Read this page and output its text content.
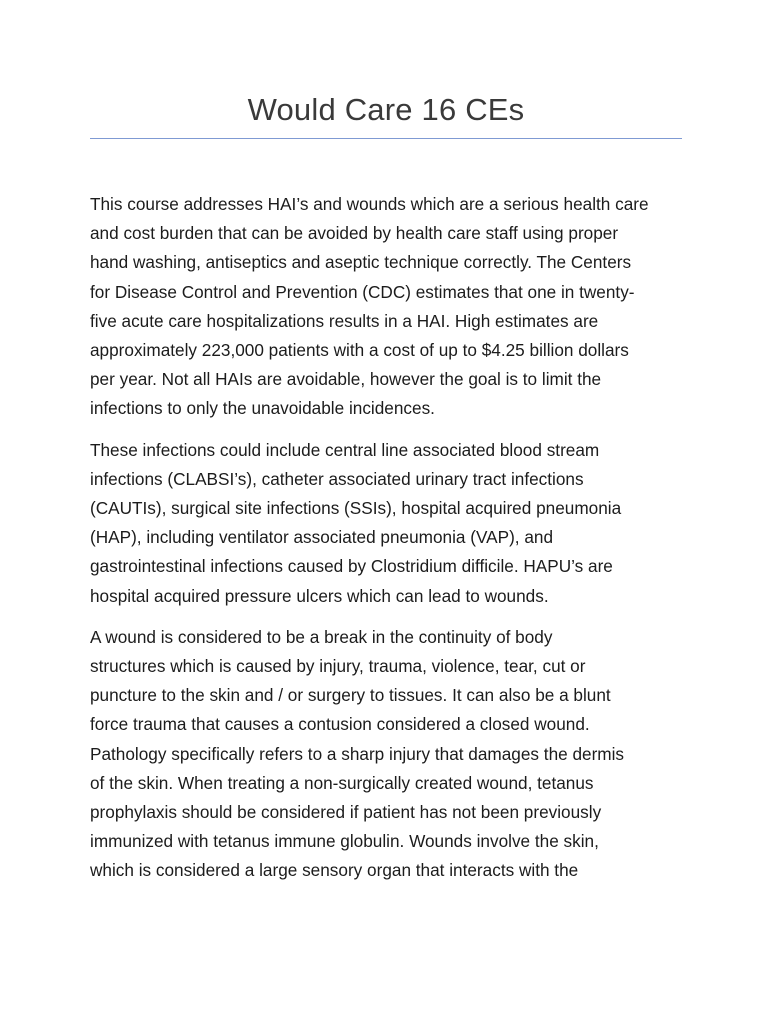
Would Care 16 CEs

This course addresses HAI’s and wounds which are a serious health care
and cost burden that can be avoided by health care staff using proper
hand washing, antiseptics and aseptic technique correctly. The Centers
for Disease Control and Prevention (CDC) estimates that one in twenty-
five acute care hospitalizations results in a HAI. High estimates are
approximately 223,000 patients with a cost of up to $4.25 billion dollars
per year. Not all HAIs are avoidable, however the goal is to limit the
infections to only the unavoidable incidences.

These infections could include central line associated blood stream
infections (CLABSI’s), catheter associated urinary tract infections
(CAUTIs), surgical site infections (SSIs), hospital acquired pneumonia
(HAP), including ventilator associated pneumonia (VAP), and
gastrointestinal infections caused by Clostridium difficile. HAPU’s are
hospital acquired pressure ulcers which can lead to wounds.

A wound is considered to be a break in the continuity of body
structures which is caused by injury, trauma, violence, tear, cut or
puncture to the skin and / or surgery to tissues. It can also be a blunt
force trauma that causes a contusion considered a closed wound.
Pathology specifically refers to a sharp injury that damages the dermis
of the skin. When treating a non-surgically created wound, tetanus
prophylaxis should be considered if patient has not been previously
immunized with tetanus immune globulin. Wounds involve the skin,
which is considered a large sensory organ that interacts with the
